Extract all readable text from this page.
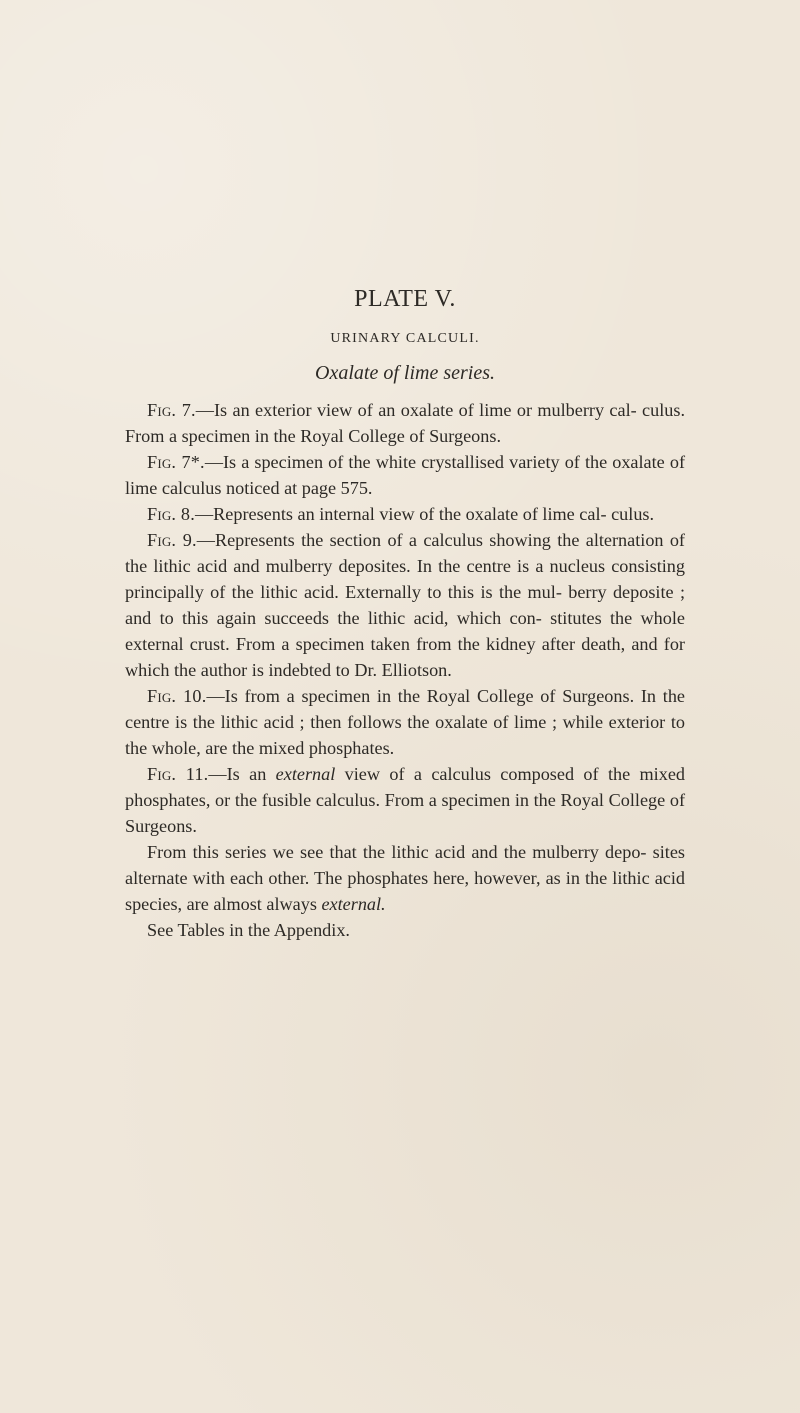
PLATE V.
URINARY CALCULI.
Oxalate of lime series.

Fig. 7.—Is an exterior view of an oxalate of lime or mulberry cal- culus. From a specimen in the Royal College of Surgeons.

Fig. 7*.—Is a specimen of the white crystallised variety of the oxalate of lime calculus noticed at page 575.

Fig. 8.—Represents an internal view of the oxalate of lime cal- culus.

Fig. 9.—Represents the section of a calculus showing the alternation of the lithic acid and mulberry deposites. In the centre is a nucleus consisting principally of the lithic acid. Externally to this is the mul- berry deposite ; and to this again succeeds the lithic acid, which con- stitutes the whole external crust. From a specimen taken from the kidney after death, and for which the author is indebted to Dr. Elliotson.

Fig. 10.—Is from a specimen in the Royal College of Surgeons. In the centre is the lithic acid ; then follows the oxalate of lime ; while exterior to the whole, are the mixed phosphates.

Fig. 11.—Is an external view of a calculus composed of the mixed phosphates, or the fusible calculus. From a specimen in the Royal College of Surgeons.

From this series we see that the lithic acid and the mulberry depo- sites alternate with each other. The phosphates here, however, as in the lithic acid species, are almost always external.

See Tables in the Appendix.
